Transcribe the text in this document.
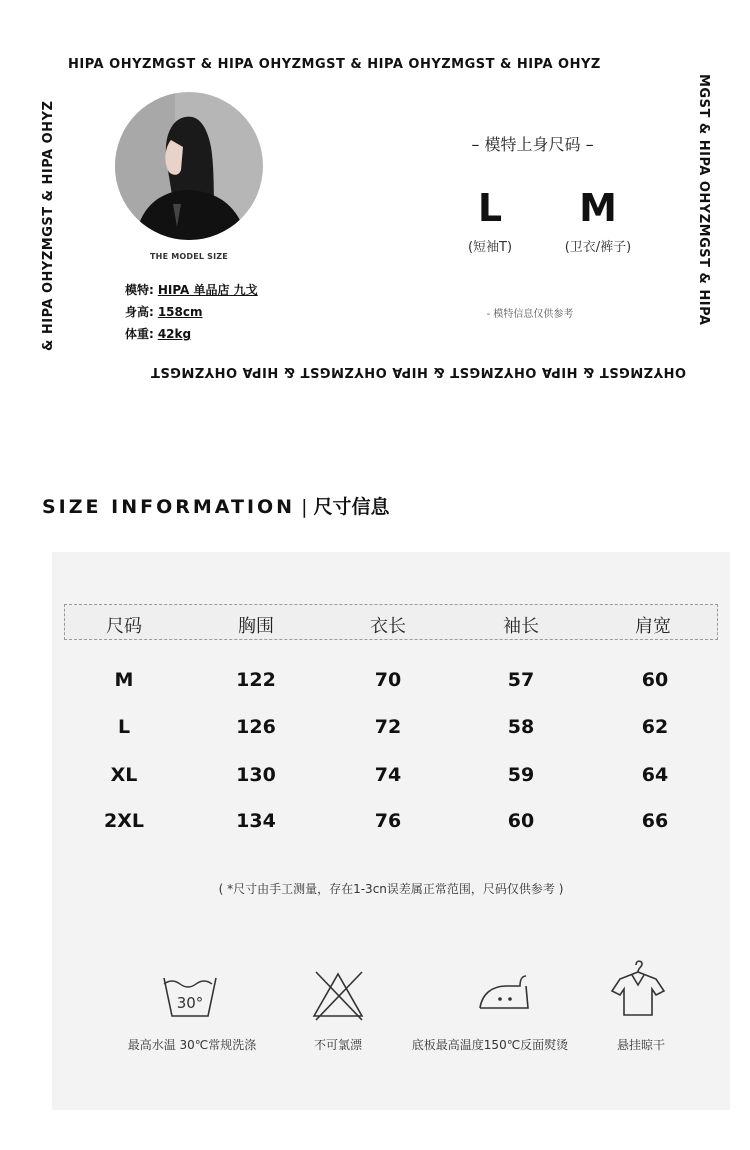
HIPA OHYZMGST & HIPA OHYZMGST & HIPA OHYZMGST & HIPA OHYZ
MGST & HIPA OHYZMGST & HIPA
OHYZMGST & HIPA OHYZMGST & HIPA OHYZMGST & HIPA OHYZMGST
& HIPA OHYZMGST & HIPA OHYZ	THE MODEL SIZE
模特: HIPA 单品店 九戈
身高: 158cm
体重: 42kg
– 模特上身尺码 –
L
(短袖T)
M
(卫衣/裤子)
- 模特信息仅供参考
SIZE INFORMATION | 尺寸信息
尺码	胸围	衣长	袖长	肩宽
M	122	70	57	60
L	126	72	58	62
XL	130	74	59	64
2XL	134	76	60	66
( *尺寸由手工测量，存在1-3cn误差属正常范围，尺码仅供参考 )
30°
最高水温 30℃常规洗涤	不可氯漂	底板最高温度150℃反面熨烫	悬挂晾干
